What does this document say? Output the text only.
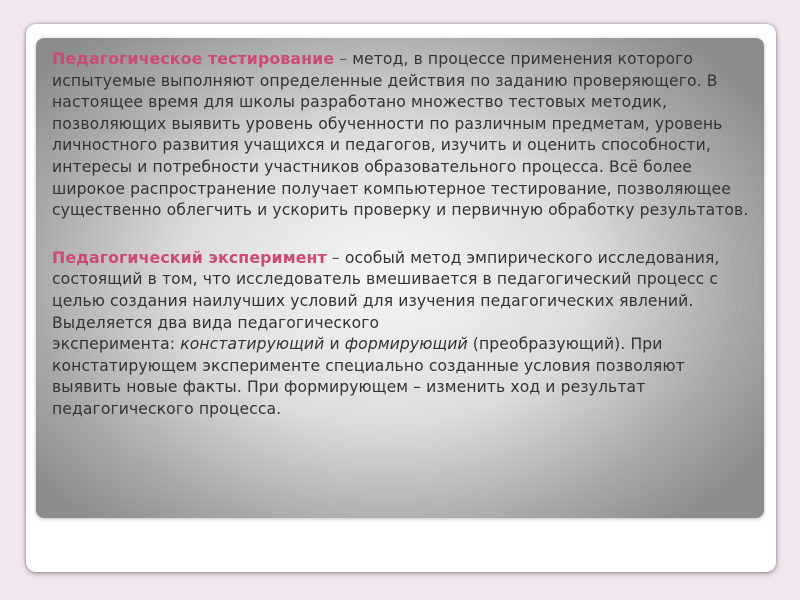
Педагогическое тестирование – метод, в процессе применения которого испытуемые выполняют определенные действия по заданию проверяющего. В настоящее время для школы разработано множество тестовых методик, позволяющих выявить уровень обученности по различным предметам, уровень личностного развития учащихся и педагогов, изучить и оценить способности, интересы и потребности участников образовательного процесса. Всё более широкое распространение получает компьютерное тестирование, позволяющее существенно облегчить и ускорить проверку и первичную обработку результатов.

Педагогический эксперимент – особый метод эмпирического исследования, состоящий в том, что исследователь вмешивается в педагогический процесс с целью создания наилучших условий для изучения педагогических явлений. Выделяется два вида педагогического
эксперимента: констатирующий и формирующий (преобразующий). При констатирующем эксперименте специально созданные условия позволяют выявить новые факты. При формирующем – изменить ход и результат педагогического процесса.
